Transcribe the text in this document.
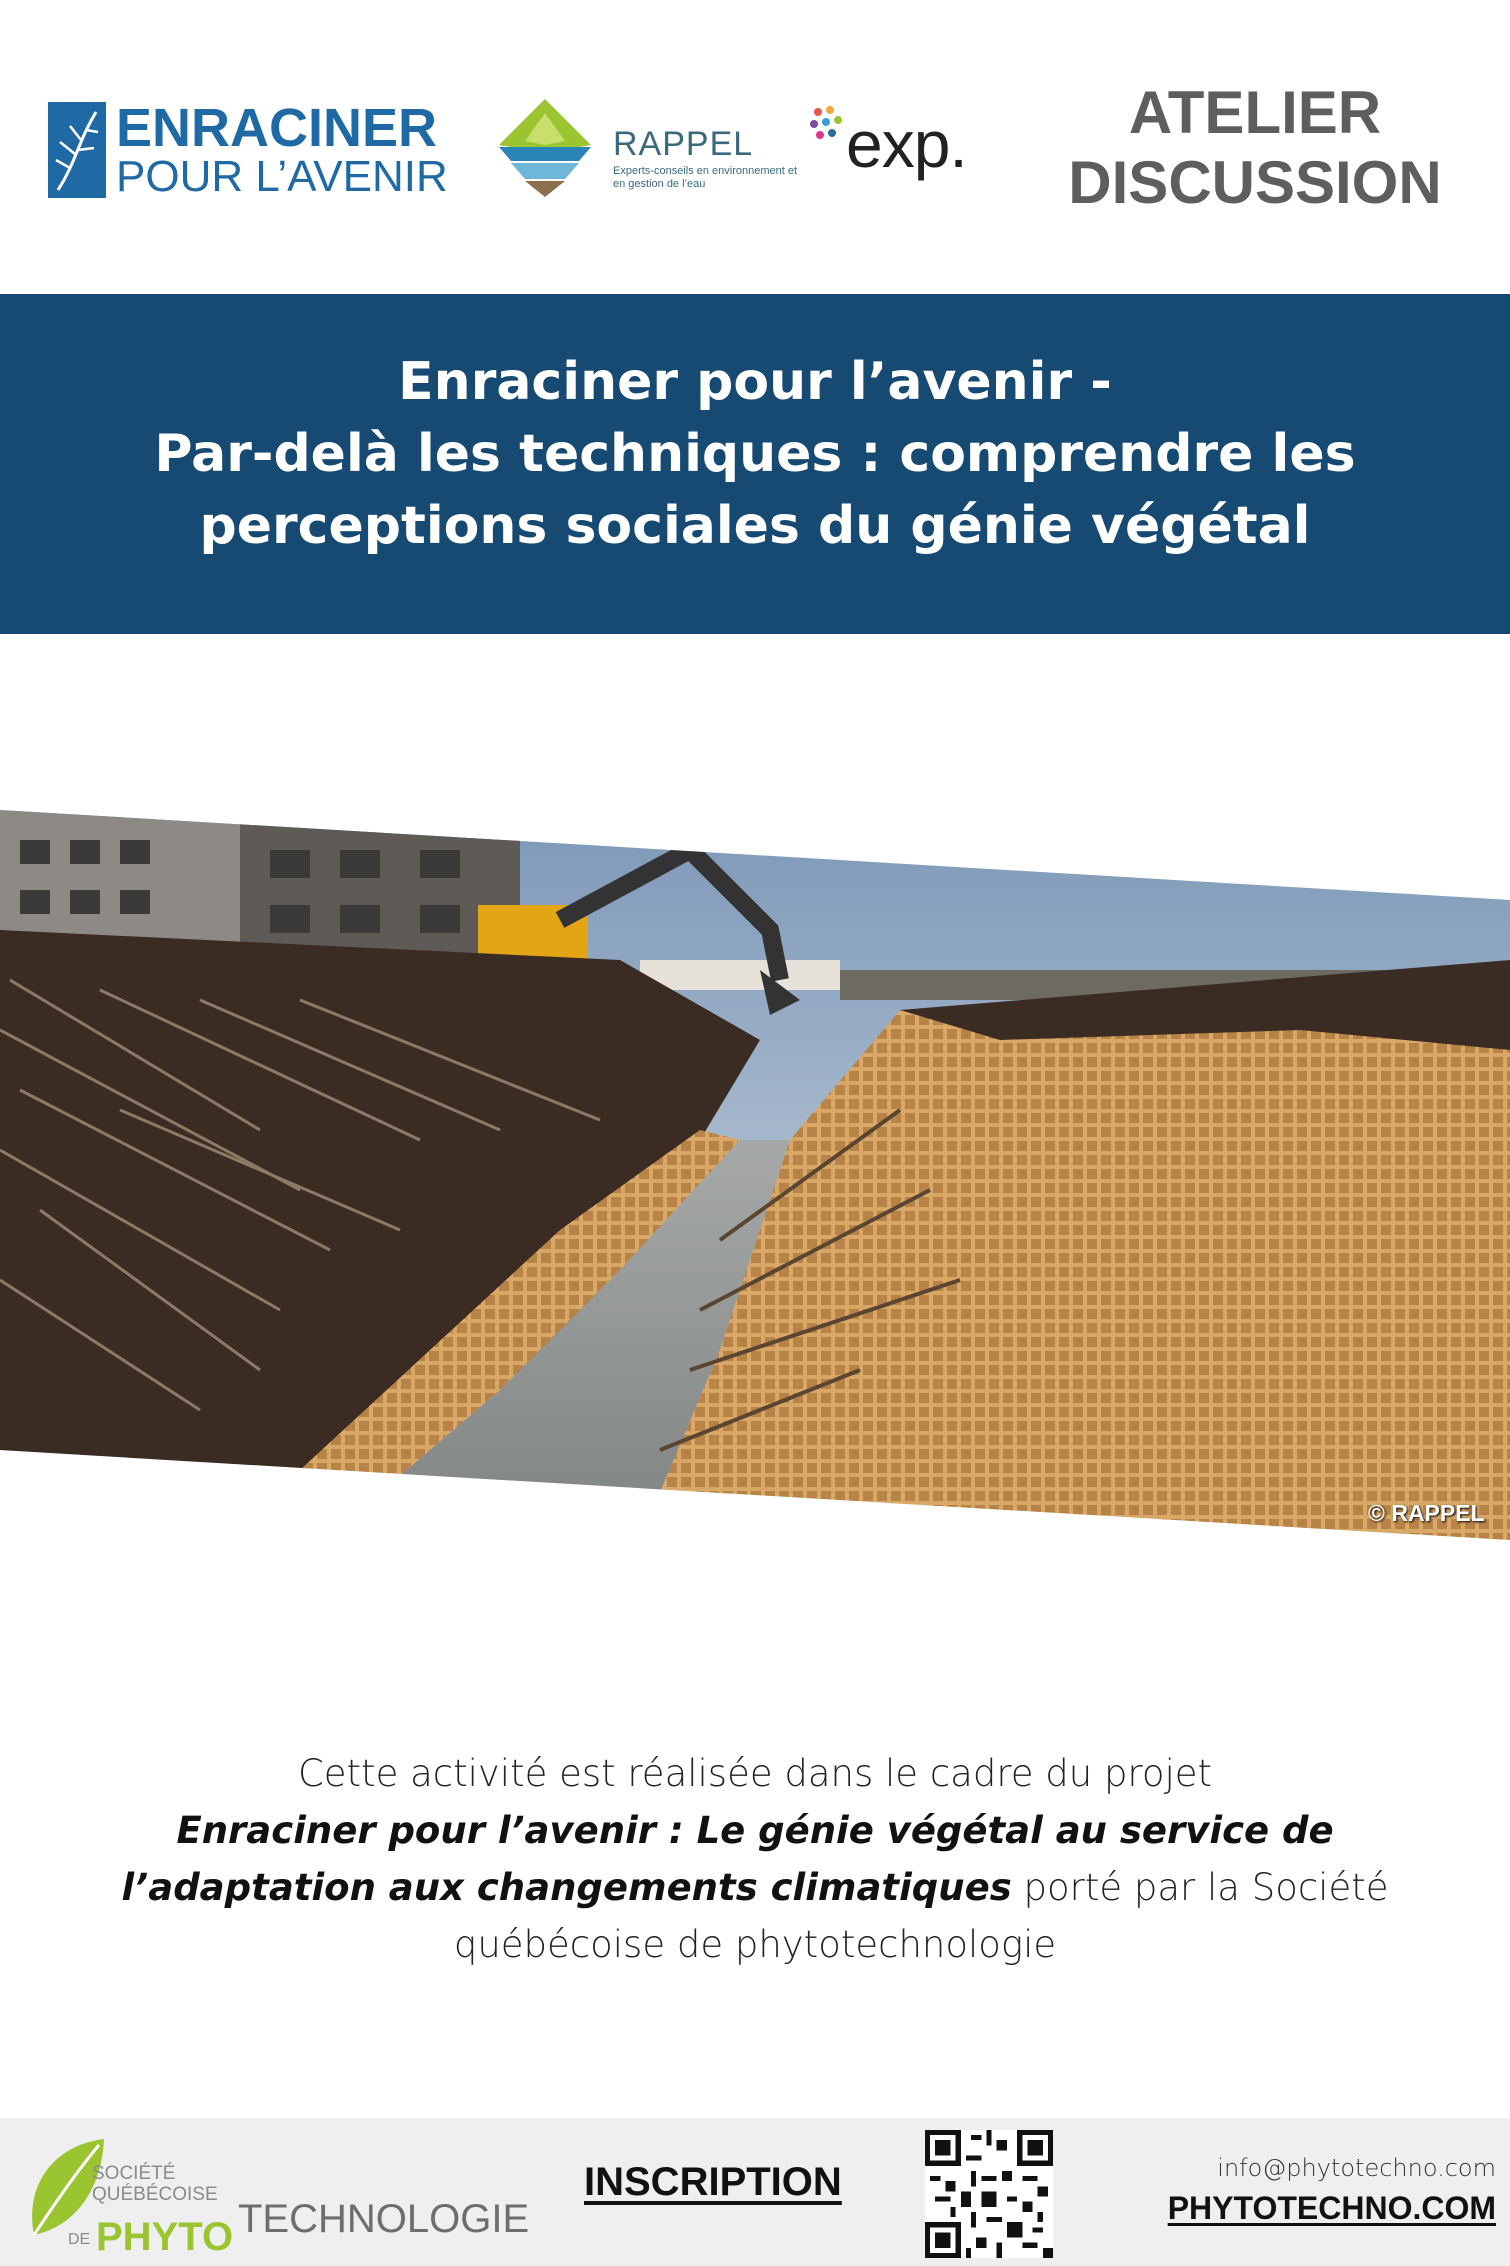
ENRACINER
POUR L’AVENIR
RAPPEL
Experts-conseils en environnement et en gestion de l’eau
exp.	ATELIER
DISCUSSION
Enraciner pour l’avenir -
Par-delà les techniques : comprendre les
perceptions sociales du génie végétal
© RAPPEL
Cette activité est réalisée dans le cadre du projet
Enraciner pour l’avenir : Le génie végétal au service de l’adaptation aux changements climatiques porté par la Société québécoise de phytotechnologie
SOCIÉTÉ
QUÉBÉCOISE
DE PHYTO TECHNOLOGIE
INSCRIPTION	info@phytotechno.com
PHYTOTECHNO.COM
